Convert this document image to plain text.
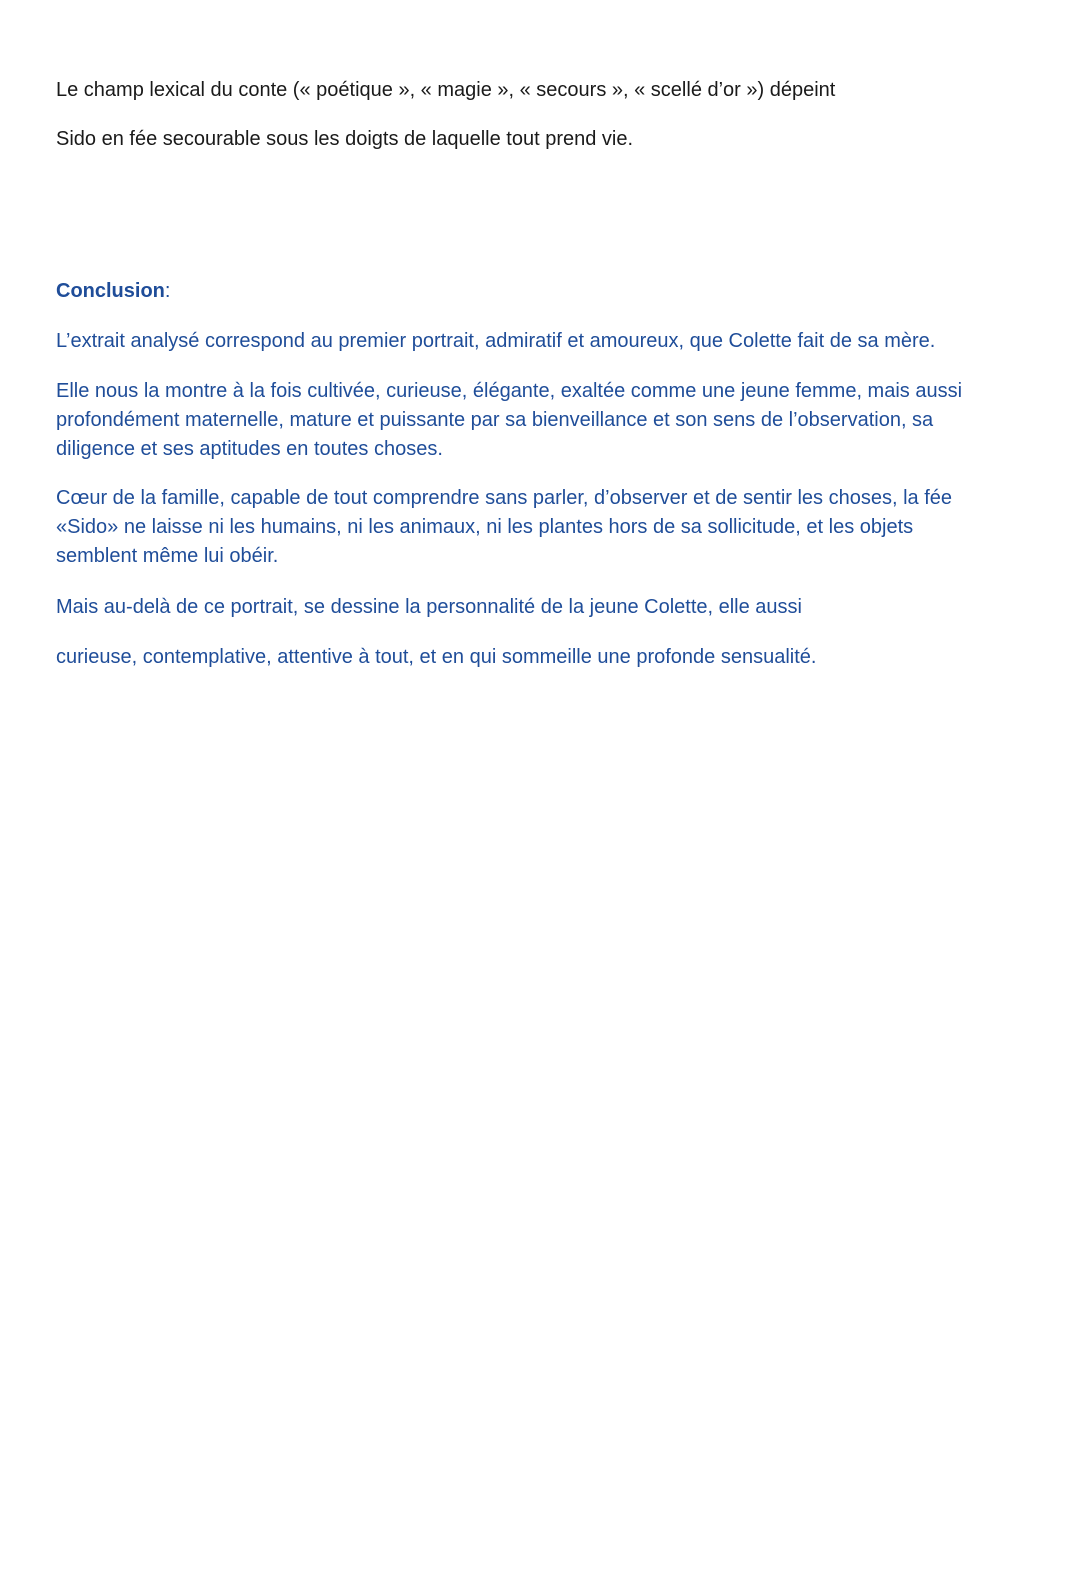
Le champ lexical du conte (« poétique », « magie », « secours », « scellé d’or ») dépeint

Sido en fée secourable sous les doigts de laquelle tout prend vie.

Conclusion:

L’extrait analysé correspond au premier portrait, admiratif et amoureux, que Colette fait de sa mère.

Elle nous la montre à la fois cultivée, curieuse, élégante, exaltée comme une jeune femme, mais aussi
profondément maternelle, mature et puissante par sa bienveillance et son sens de l’observation, sa
diligence et ses aptitudes en toutes choses.

Cœur de la famille, capable de tout comprendre sans parler, d’observer et de sentir les choses, la fée
«Sido» ne laisse ni les humains, ni les animaux, ni les plantes hors de sa sollicitude, et les objets
semblent même lui obéir.

Mais au-delà de ce portrait, se dessine la personnalité de la jeune Colette, elle aussi

curieuse, contemplative, attentive à tout, et en qui sommeille une profonde sensualité.
